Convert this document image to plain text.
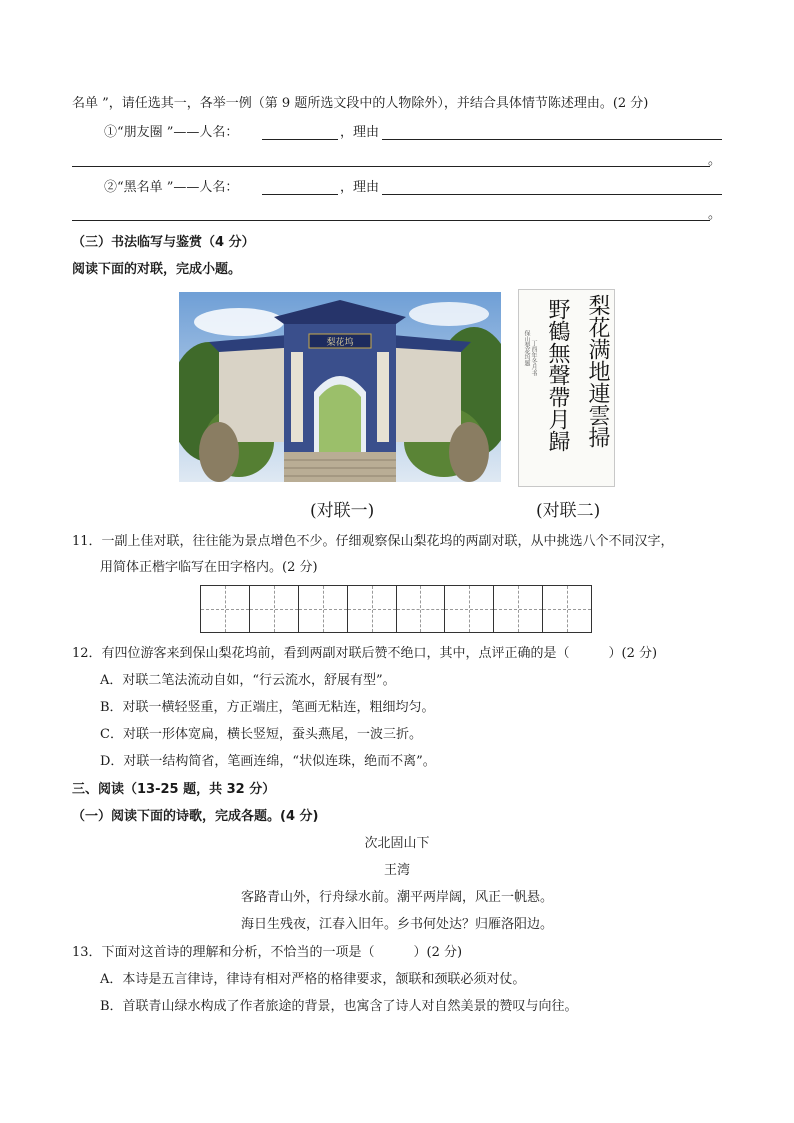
名单 ”，请任选其一，各举一例（第 9 题所选文段中的人物除外），并结合具体情节陈述理由。(2 分)
①“朋友圈 ”——人名：	，理由
。
②“黑名单 ”——人名：	，理由
。
（三）书法临写与鉴赏（4 分）
阅读下面的对联，完成小题。
梨花坞	梨花满地連雲掃
野鶴無聲帶月歸
保山梨花坞题 丁酉年冬月书
(对联一)	(对联二)
11．一副上佳对联，往往能为景点增色不少。仔细观察保山梨花坞的两副对联，从中挑选八个不同汉字，
用简体正楷字临写在田字格内。(2 分)
12．有四位游客来到保山梨花坞前，看到两副对联后赞不绝口，其中，点评正确的是（　　　）(2 分)
A．对联二笔法流动自如，“行云流水，舒展有型”。
B．对联一横轻竖重，方正端庄，笔画无粘连，粗细均匀。
C．对联一形体宽扁，横长竖短，蚕头燕尾，一波三折。
D．对联一结构简省，笔画连绵，“状似连珠，绝而不离”。
三、阅读（13-25 题，共 32 分）
（一）阅读下面的诗歌，完成各题。(4 分)
次北固山下
王湾
客路青山外，行舟绿水前。潮平两岸阔，风正一帆悬。
海日生残夜，江春入旧年。乡书何处达？归雁洛阳边。
13．下面对这首诗的理解和分析，不恰当的一项是（　　　）(2 分)
A．本诗是五言律诗，律诗有相对严格的格律要求，颔联和颈联必须对仗。
B．首联青山绿水构成了作者旅途的背景，也寓含了诗人对自然美景的赞叹与向往。
